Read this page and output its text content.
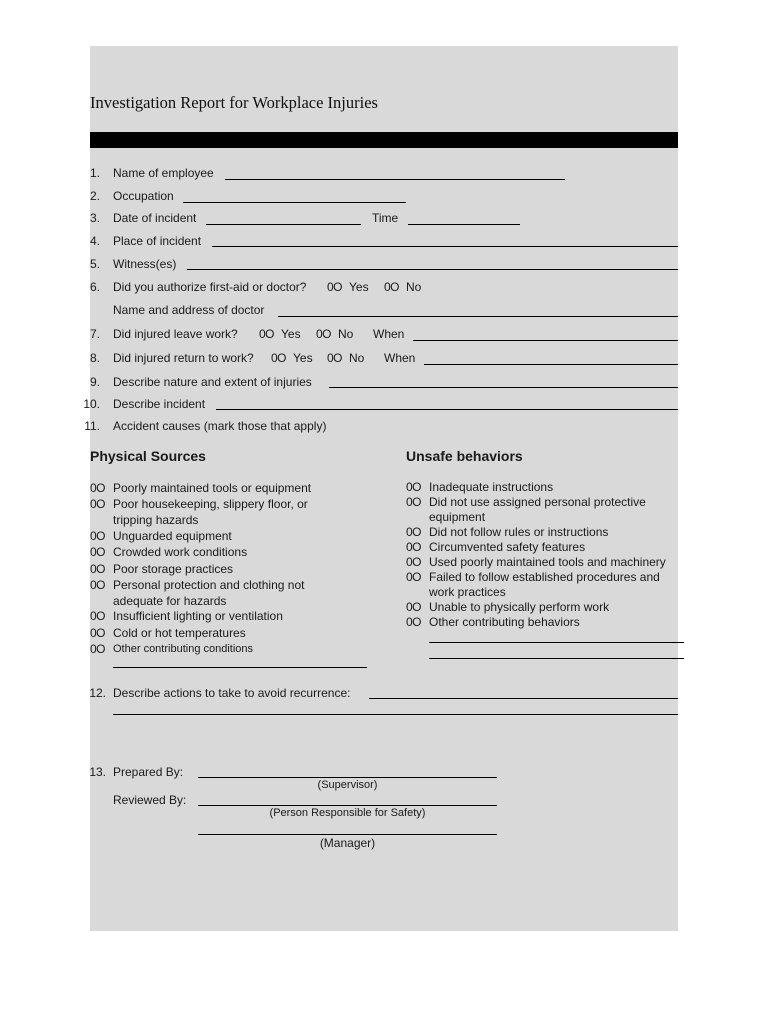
Investigation Report for Workplace Injuries
1. Name of employee
2. Occupation
3. Date of incident	Time
4. Place of incident
5. Witness(es)
6. Did you authorize first-aid or doctor? 0O Yes 0O No
Name and address of doctor
7. Did injured leave work? 0O Yes 0O No When
8. Did injured return to work? 0O Yes 0O No When
9. Describe nature and extent of injuries
10. Describe incident
11. Accident causes (mark those that apply)
Physical Sources
0O Poorly maintained tools or equipment
0O Poor housekeeping, slippery floor, or
tripping hazards
0O Unguarded equipment
0O Crowded work conditions
0O Poor storage practices
0O Personal protection and clothing not
adequate for hazards
0O Insufficient lighting or ventilation
0O Cold or hot temperatures
0O Other contributing conditions
Unsafe behaviors
0O Inadequate instructions
0O Did not use assigned personal protective
equipment
0O Did not follow rules or instructions
0O Circumvented safety features
0O Used poorly maintained tools and machinery
0O Failed to follow established procedures and
work practices
0O Unable to physically perform work
0O Other contributing behaviors
12. Describe actions to take to avoid recurrence:
13. Prepared By:
(Supervisor)
Reviewed By:
(Person Responsible for Safety)
(Manager)
